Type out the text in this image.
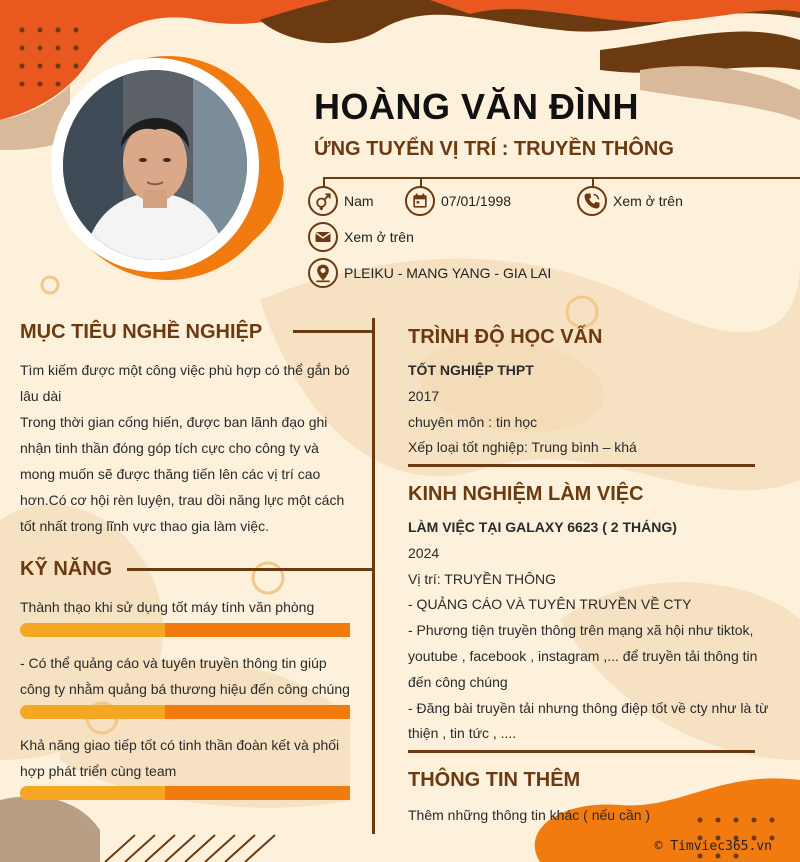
HOÀNG VĂN ĐÌNH
ỨNG TUYỂN VỊ TRÍ : TRUYỀN THÔNG
Nam	07/01/1998	Xem ở trên
Xem ở trên
PLEIKU - MANG YANG - GIA LAI
MỤC TIÊU NGHỀ NGHIỆP
Tìm kiếm được một công việc phù hợp có thể gắn bó
lâu dài
Trong thời gian cống hiến, được ban lãnh đạo ghi
nhận tinh thần đóng góp tích cực cho công ty và
mong muốn sẽ được thăng tiến lên các vị trí cao
hơn.Có cơ hội rèn luyện, trau dồi năng lực một cách
tốt nhất trong lĩnh vực thao gia làm việc.
KỸ NĂNG
Thành thạo khi sử dụng tốt máy tính văn phòng
- Có thể quảng cáo và tuyên truyền thông tin giúp
công ty nhằm quảng bá thương hiệu đến công chúng
Khả năng giao tiếp tốt có tinh thần đoàn kết và phối
hợp phát triển cùng team
TRÌNH ĐỘ HỌC VẤN
TỐT NGHIỆP THPT
2017
chuyên môn : tin học
Xếp loại tốt nghiệp: Trung bình – khá
KINH NGHIỆM LÀM VIỆC
LÀM VIỆC TẠI GALAXY 6623 ( 2 THÁNG)
2024
Vị trí: TRUYỀN THÔNG
- QUẢNG CÁO VÀ TUYÊN TRUYỀN VỀ CTY
- Phương tiện truyền thông trên mạng xã hội như tiktok,
youtube , facebook , instagram ,... để truyền tải thông tin
đến công chúng
- Đăng bài truyền tải nhưng thông điệp tốt về cty như là từ
thiện , tin tức , ....
THÔNG TIN THÊM
Thêm những thông tin khác ( nếu cần )
© Timviec365.vn
